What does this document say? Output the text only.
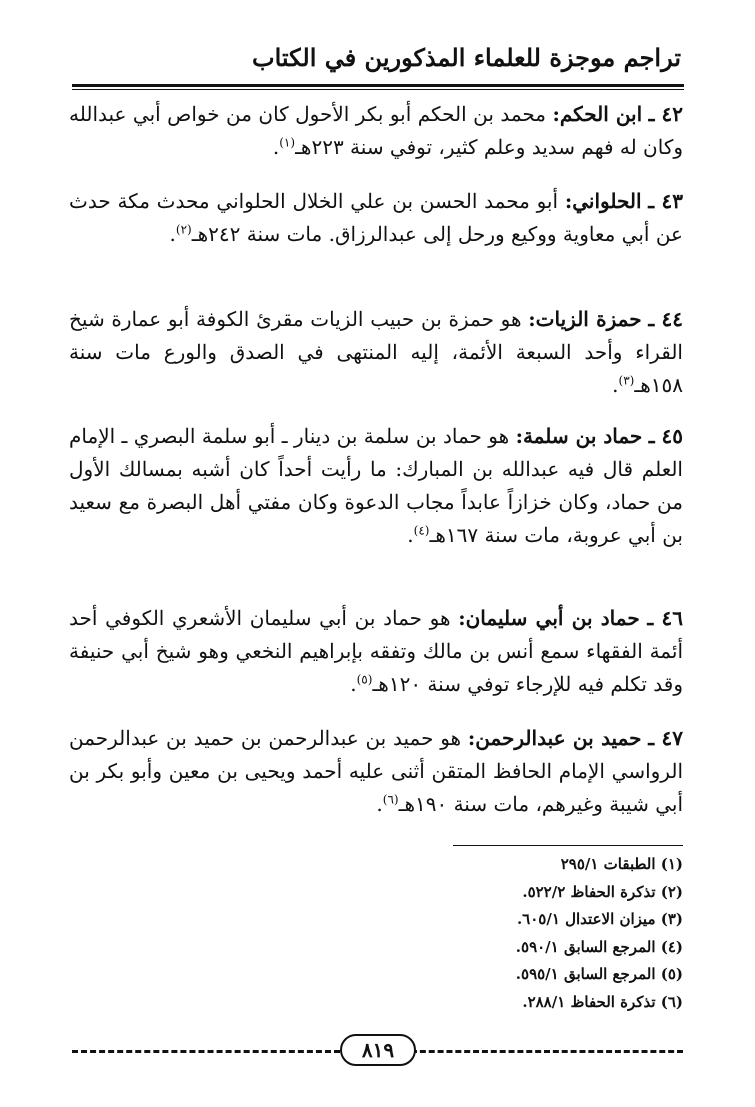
تراجم موجزة للعلماء المذكورين في الكتاب

٤٢ ـ ابن الحكم: محمد بن الحكم أبو بكر الأحول كان من خواص أبي عبدالله وكان له فهم سديد وعلم كثير، توفي سنة ٢٢٣هـ$^{(١)}$.

٤٣ ـ الحلواني: أبو محمد الحسن بن علي الخلال الحلواني محدث مكة حدث عن أبي معاوية ووكيع ورحل إلى عبدالرزاق. مات سنة ٢٤٢هـ$^{(٢)}$.

٤٤ ـ حمزة الزيات: هو حمزة بن حبيب الزيات مقرئ الكوفة أبو عمارة شيخ القراء وأحد السبعة الأئمة، إليه المنتهى في الصدق والورع مات سنة ١٥٨هـ$^{(٣)}$.

٤٥ ـ حماد بن سلمة: هو حماد بن سلمة بن دينار ـ أبو سلمة البصري ـ الإمام العلم قال فيه عبدالله بن المبارك: ما رأيت أحداً كان أشبه بمسالك الأول من حماد، وكان خزازاً عابداً مجاب الدعوة وكان مفتي أهل البصرة مع سعيد بن أبي عروبة، مات سنة ١٦٧هـ$^{(٤)}$.

٤٦ ـ حماد بن أبي سليمان: هو حماد بن أبي سليمان الأشعري الكوفي أحد أئمة الفقهاء سمع أنس بن مالك وتفقه بإبراهيم النخعي وهو شيخ أبي حنيفة وقد تكلم فيه للإرجاء توفي سنة ١٢٠هـ$^{(٥)}$.

٤٧ ـ حميد بن عبدالرحمن: هو حميد بن عبدالرحمن بن حميد بن عبدالرحمن الرواسي الإمام الحافظ المتقن أثنى عليه أحمد ويحيى بن معين وأبو بكر بن أبي شيبة وغيرهم، مات سنة ١٩٠هـ$^{(٦)}$.

(١) الطبقات ٢٩٥/١
(٢) تذكرة الحفاظ ٥٢٢/٢.
(٣) ميزان الاعتدال ٦٠٥/١.
(٤) المرجع السابق ٥٩٠/١.
(٥) المرجع السابق ٥٩٥/١.
(٦) تذكرة الحفاظ ٢٨٨/١.
٨١٩
